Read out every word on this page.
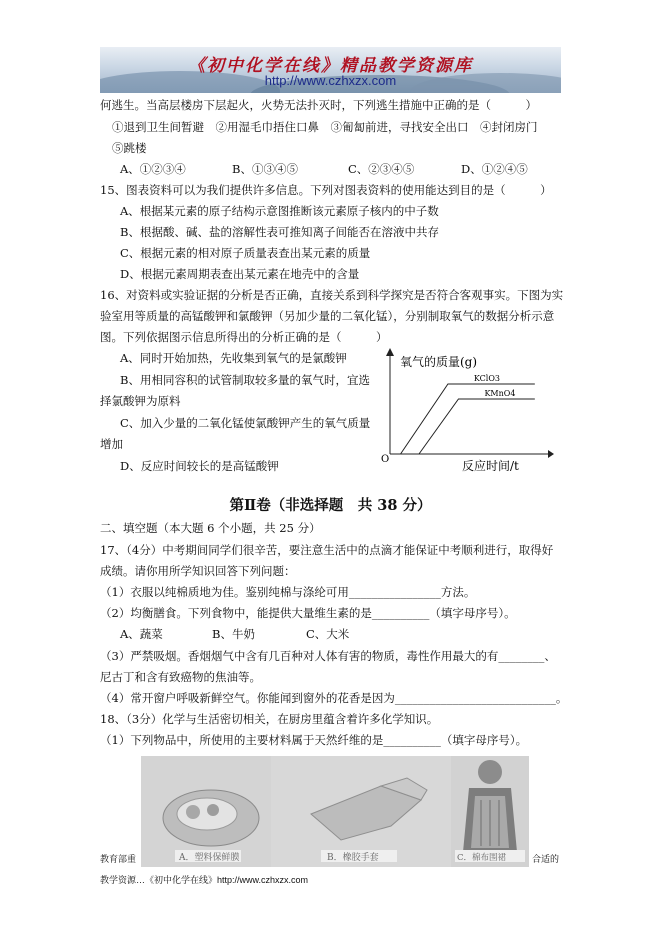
《初中化学在线》精品教学资源库
http://www.czhxzx.com
何逃生。当高层楼房下层起火，火势无法扑灭时，下列逃生措施中正确的是（　　　）
①退到卫生间暂避　②用湿毛巾捂住口鼻　③匍匐前进，寻找安全出口　④封闭房门
⑤跳楼
A、①②③④	B、①③④⑤	C、②③④⑤	D、①②④⑤
15、图表资料可以为我们提供许多信息。下列对图表资料的使用能达到目的是（　　　）
A、根据某元素的原子结构示意图推断该元素原子核内的中子数
B、根据酸、碱、盐的溶解性表可推知离子间能否在溶液中共存
C、根据元素的相对原子质量表查出某元素的质量
D、根据元素周期表查出某元素在地壳中的含量
16、对资料或实验证据的分析是否正确，直接关系到科学探究是否符合客观事实。下图为实
验室用等质量的高锰酸钾和氯酸钾（另加少量的二氧化锰），分别制取氧气的数据分析示意
图。下列依据图示信息所得出的分析正确的是（　　　）
A、同时开始加热，先收集到氧气的是氯酸钾
B、用相同容积的试管制取较多量的氧气时，宜选
择氯酸钾为原料
C、加入少量的二氧化锰使氯酸钾产生的氧气质量
增加
D、反应时间较长的是高锰酸钾
氧气的质量(g)
反应时间/t
O
KClO3
KMnO4
第Ⅱ卷（非选择题　共 38 分）
二、填空题（本大题 6 个小题，共 25 分）
17、（4分）中考期间同学们很辛苦，要注意生活中的点滴才能保证中考顺利进行，取得好
成绩。请你用所学知识回答下列问题：
（1）衣服以纯棉质地为佳。鉴别纯棉与涤纶可用________________方法。
（2）均衡膳食。下列食物中，能提供大量维生素的是__________（填字母序号）。
A、蔬菜	B、牛奶	C、大米
（3）严禁吸烟。香烟烟气中含有几百种对人体有害的物质，毒性作用最大的有________、
尼古丁和含有致癌物的焦油等。
（4）常开窗户呼吸新鲜空气。你能闻到窗外的花香是因为____________________________。
18、（3分）化学与生活密切相关，在厨房里蕴含着许多化学知识。
（1）下列物品中，所使用的主要材料属于天然纤维的是__________（填字母序号）。
A．塑料保鲜膜	B．橡胶手套	C．棉布围裙
教育部重	合适的
教学资源…《初中化学在线》http://www.czhxzx.com
